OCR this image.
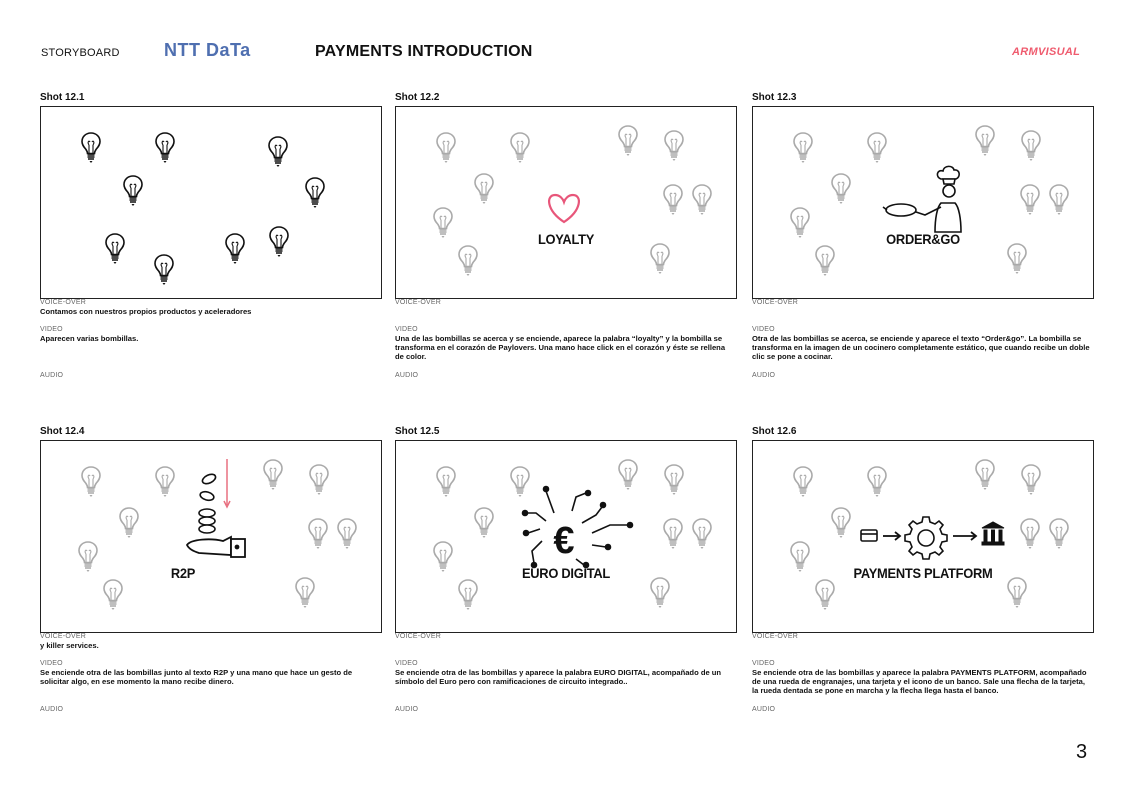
STORYBOARD NTT DaTa	PAYMENTS INTRODUCTION	ARMVISUAL
Shot 12.1
VOICE-OVER
Contamos con nuestros propios productos y aceleradores
VIDEO
Aparecen varias bombillas.
AUDIO
Shot 12.2
LOYALTY
VOICE-OVER
VIDEO
Una de las bombillas se acerca y se enciende, aparece la palabra “loyalty” y la bombilla se transforma en el corazón de Paylovers. Una mano hace click en el corazón y éste se rellena de color.
AUDIO
Shot 12.3
ORDER&GO
VOICE-OVER
VIDEO
Otra de las bombillas se acerca, se enciende y aparece el texto “Order&go”. La bombilla se transforma en la imagen de un cocinero completamente estático, que cuando recibe un doble clic se pone a cocinar.
AUDIO
Shot 12.4
R2P
VOICE-OVER
y killer services.
VIDEO
Se enciende otra de las bombillas junto al texto R2P y una mano que hace un gesto de solicitar algo, en ese momento la mano recibe dinero.
AUDIO
Shot 12.5
€
EURO DIGITAL
VOICE-OVER
VIDEO
Se enciende otra de las bombillas y aparece la palabra EURO DIGITAL, acompañado de un símbolo del Euro pero con ramificaciones de circuito integrado..
AUDIO
Shot 12.6
PAYMENTS PLATFORM
VOICE-OVER
VIDEO
Se enciende otra de las bombillas y aparece la palabra PAYMENTS PLATFORM, acompañado de una rueda de engranajes, una tarjeta y el icono de un banco. Sale una flecha de la tarjeta, la rueda dentada se pone en marcha y la flecha llega hasta el banco.
AUDIO
3
